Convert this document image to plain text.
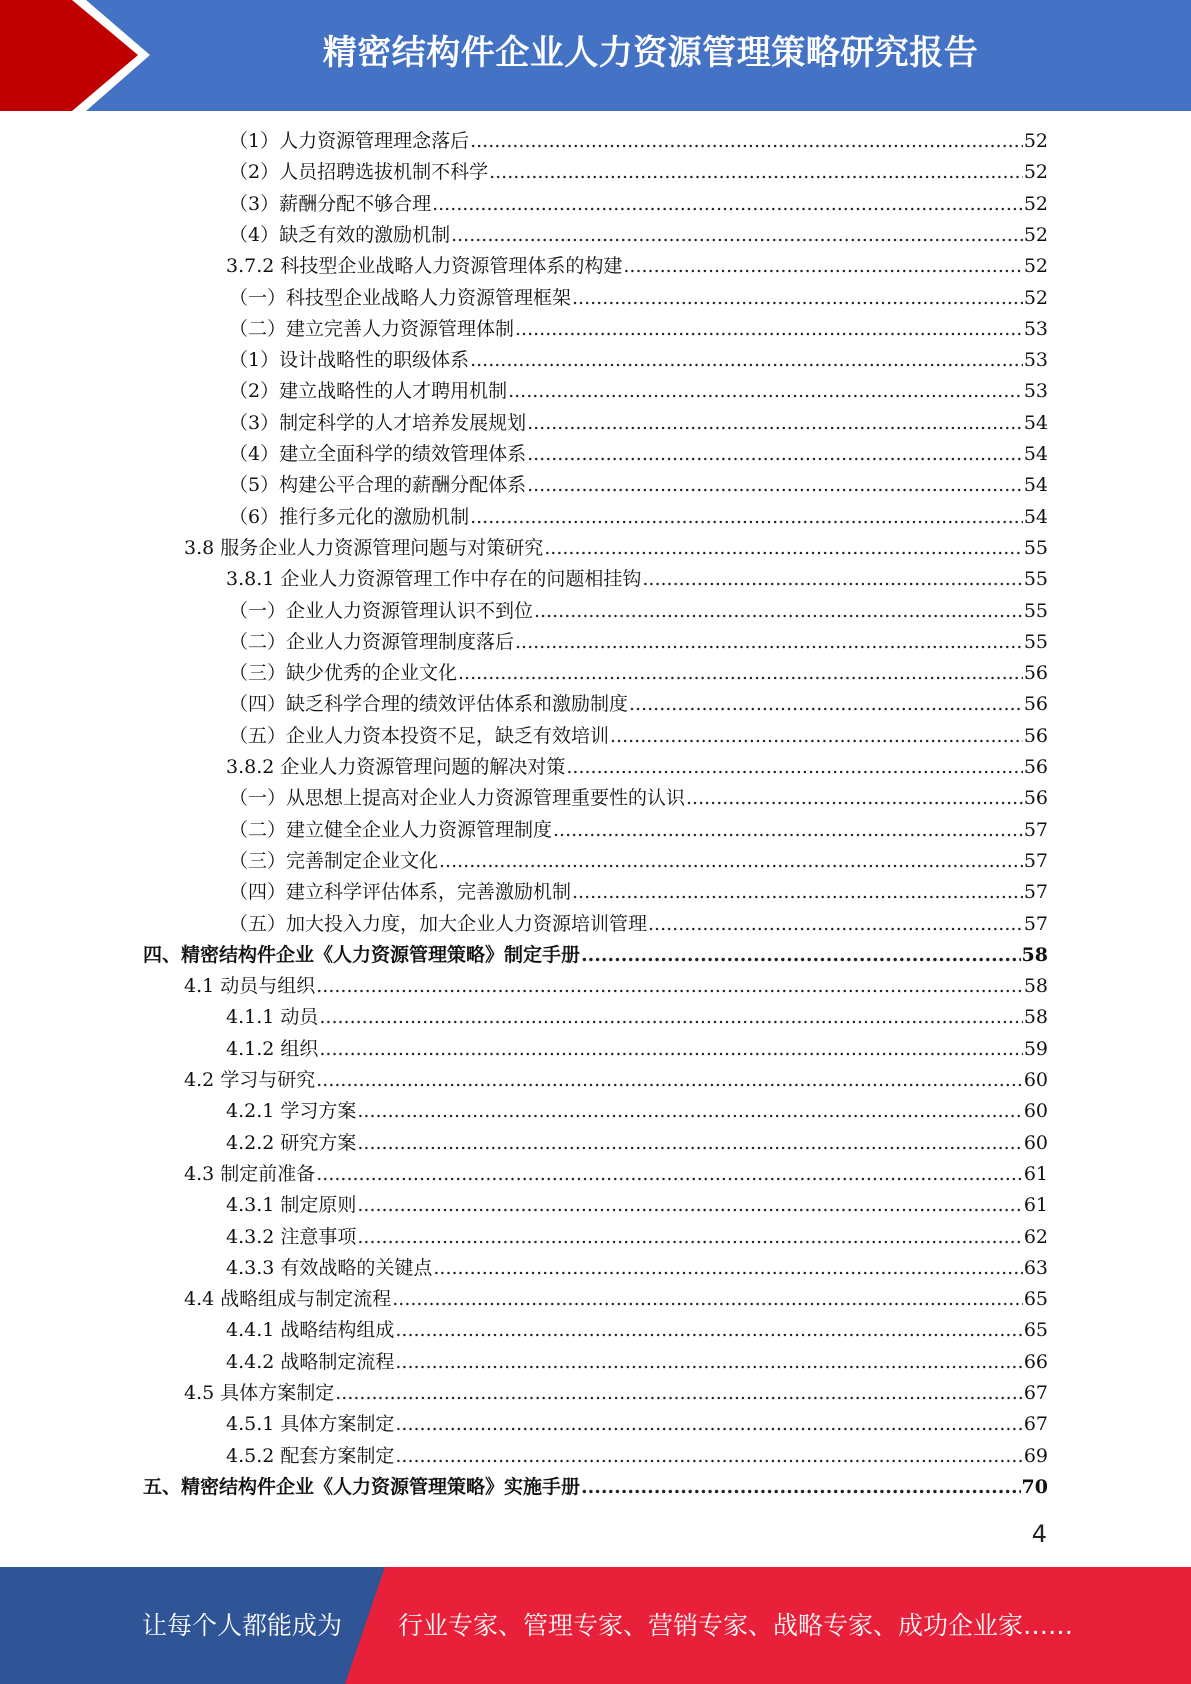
精密结构件企业人力资源管理策略研究报告
（1）人力资源管理理念落后 .....	52
（2）人员招聘选拔机制不科学 .....	52
（3）薪酬分配不够合理 .....	52
（4）缺乏有效的激励机制 .....	52
3.7.2 科技型企业战略人力资源管理体系的构建 .....	52
（一）科技型企业战略人力资源管理框架 .....	52
（二）建立完善人力资源管理体制 .....	53
（1）设计战略性的职级体系 .....	53
（2）建立战略性的人才聘用机制 .....	53
（3）制定科学的人才培养发展规划 .....	54
（4）建立全面科学的绩效管理体系 .....	54
（5）构建公平合理的薪酬分配体系 .....	54
（6）推行多元化的激励机制 .....	54
3.8 服务企业人力资源管理问题与对策研究 .....	55
3.8.1 企业人力资源管理工作中存在的问题相挂钩 .....	55
（一）企业人力资源管理认识不到位 .....	55
（二）企业人力资源管理制度落后 .....	55
（三）缺少优秀的企业文化 .....	56
（四）缺乏科学合理的绩效评估体系和激励制度 .....	56
（五）企业人力资本投资不足，缺乏有效培训 .....	56
3.8.2 企业人力资源管理问题的解决对策 .....	56
（一）从思想上提高对企业人力资源管理重要性的认识 .....	56
（二）建立健全企业人力资源管理制度 .....	57
（三）完善制定企业文化 .....	57
（四）建立科学评估体系，完善激励机制 .....	57
（五）加大投入力度，加大企业人力资源培训管理 .....	57
四、精密结构件企业《人力资源管理策略》制定手册 .....	58
4.1 动员与组织 .....	58
4.1.1 动员 .....	58
4.1.2 组织 .....	59
4.2 学习与研究 .....	60
4.2.1 学习方案 .....	60
4.2.2 研究方案 .....	60
4.3 制定前准备 .....	61
4.3.1 制定原则 .....	61
4.3.2 注意事项 .....	62
4.3.3 有效战略的关键点 .....	63
4.4 战略组成与制定流程 .....	65
4.4.1 战略结构组成 .....	65
4.4.2 战略制定流程 .....	66
4.5 具体方案制定 .....	67
4.5.1 具体方案制定 .....	67
4.5.2 配套方案制定 .....	69
五、精密结构件企业《人力资源管理策略》实施手册 .....	70
4
让每个人都能成为 行业专家、管理专家、营销专家、战略专家、成功企业家……
